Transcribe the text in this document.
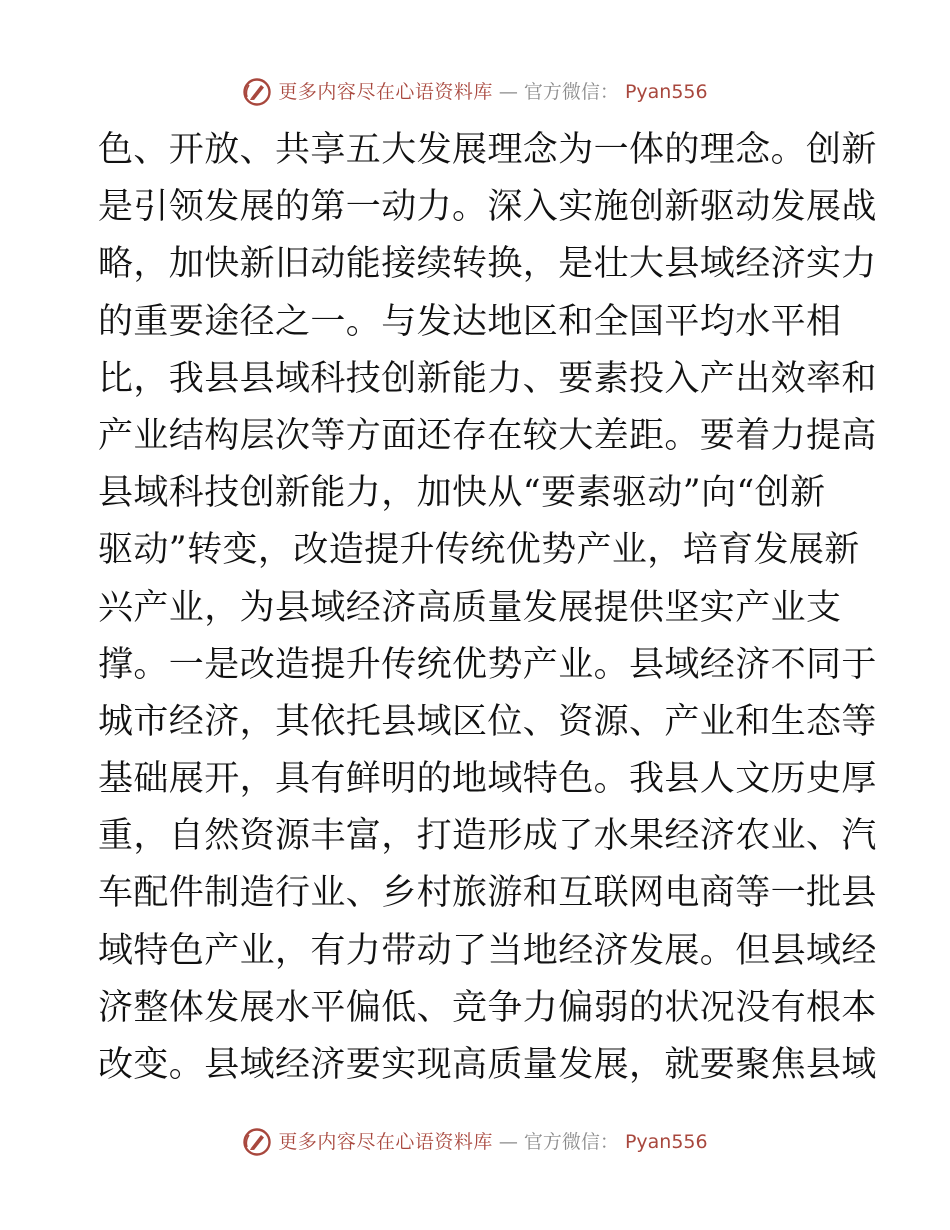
更多内容尽在心语资料库 — 官方微信： Pyan556
色、开放、共享五大发展理念为一体的理念。创新
是引领发展的第一动力。深入实施创新驱动发展战
略，加快新旧动能接续转换，是壮大县域经济实力
的重要途径之一。与发达地区和全国平均水平相
比，我县县域科技创新能力、要素投入产出效率和
产业结构层次等方面还存在较大差距。要着力提高
县域科技创新能力，加快从“要素驱动”向“创新
驱动”转变，改造提升传统优势产业，培育发展新
兴产业，为县域经济高质量发展提供坚实产业支
撑。一是改造提升传统优势产业。县域经济不同于
城市经济，其依托县域区位、资源、产业和生态等
基础展开，具有鲜明的地域特色。我县人文历史厚
重，自然资源丰富，打造形成了水果经济农业、汽
车配件制造行业、乡村旅游和互联网电商等一批县
域特色产业，有力带动了当地经济发展。但县域经
济整体发展水平偏低、竞争力偏弱的状况没有根本
改变。县域经济要实现高质量发展，就要聚焦县域
更多内容尽在心语资料库 — 官方微信： Pyan556
